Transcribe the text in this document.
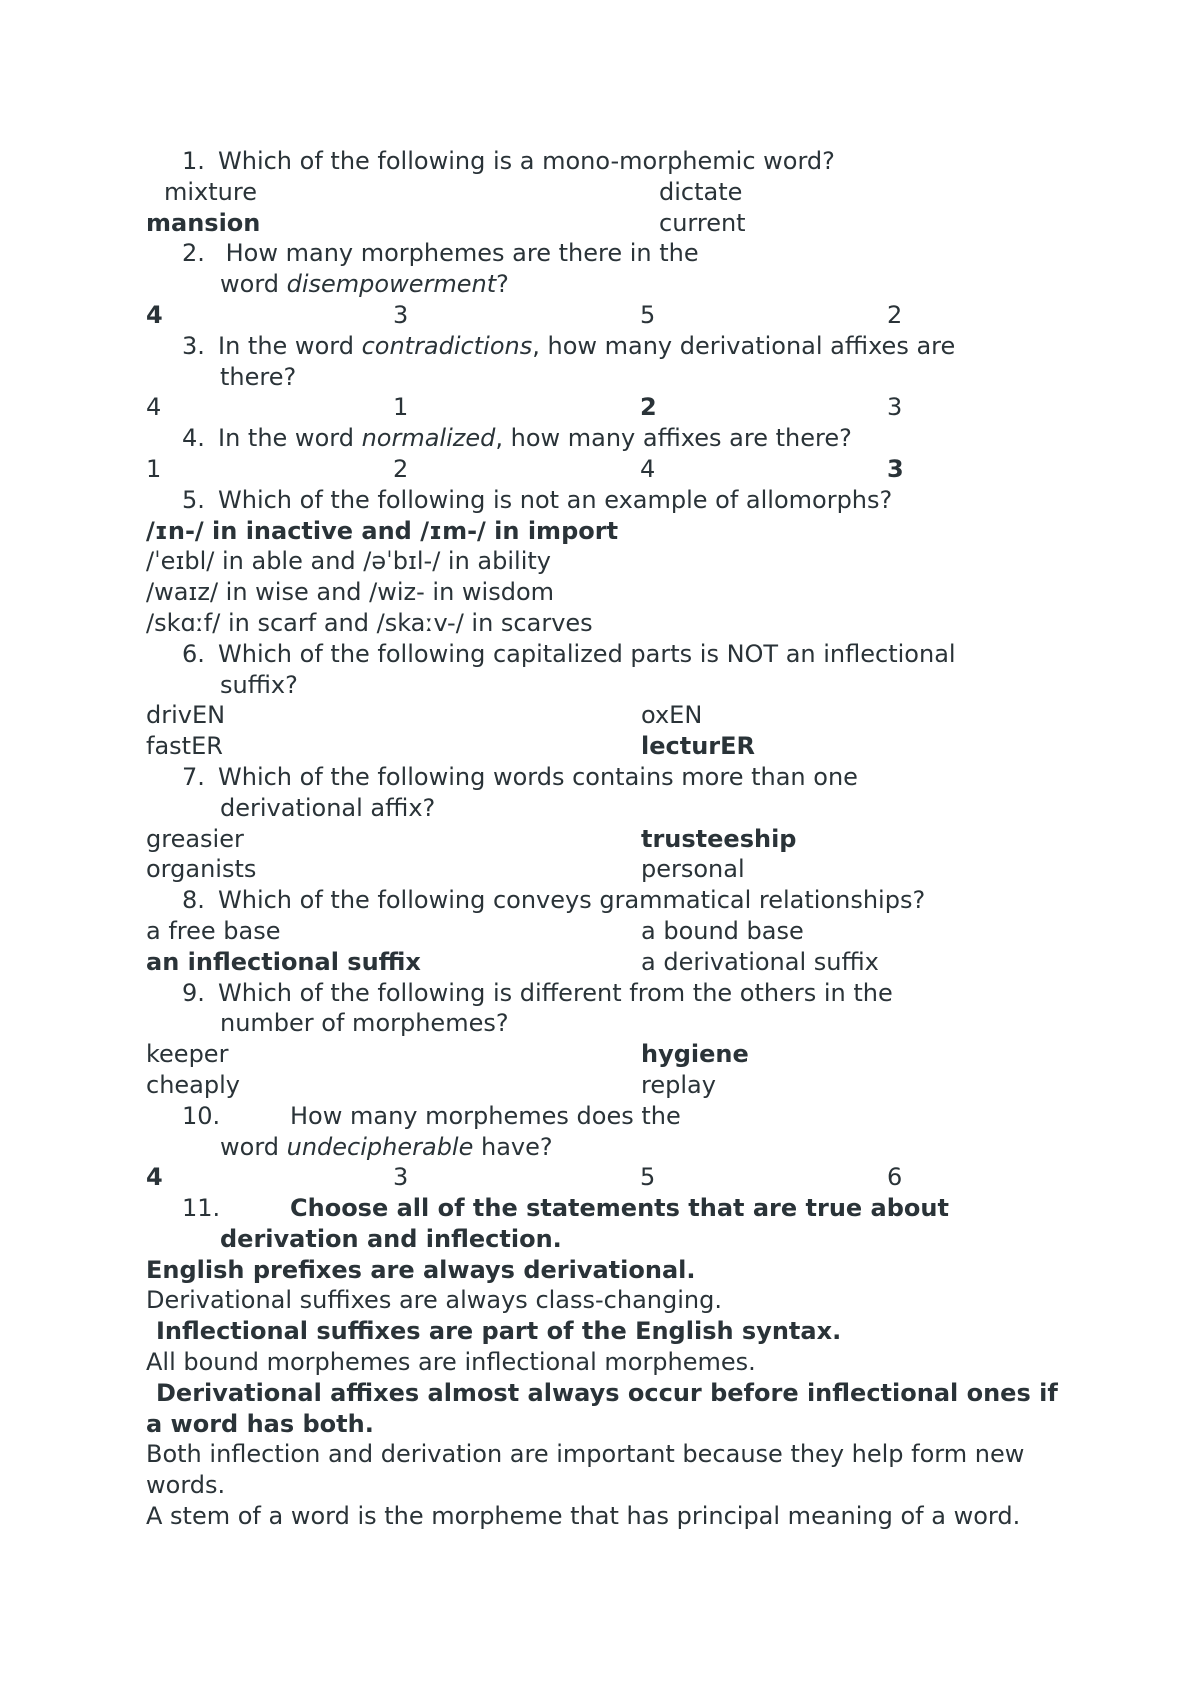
1. Which of the following is a mono-morphemic word?
mixture	dictate
mansion	current
2. How many morphemes are there in the
word disempowerment?
4	3	5	2
3. In the word contradictions, how many derivational affixes are
there?
4	1	2	3
4. In the word normalized, how many affixes are there?
1	2	4	3
5. Which of the following is not an example of allomorphs?
/ɪn-/ in inactive and /ɪm-/ in import
/ˈeɪbl/ in able and /əˈbɪl-/ in ability
/waɪz/ in wise and /wiz- in wisdom
/skɑːf/ in scarf and /skaːv-/ in scarves
6. Which of the following capitalized parts is NOT an inflectional
suffix?
drivEN	oxEN
fastER	lecturER
7. Which of the following words contains more than one
derivational affix?
greasier	trusteeship
organists	personal
8. Which of the following conveys grammatical relationships?
a free base	a bound base
an inflectional suffix	a derivational suffix
9. Which of the following is different from the others in the
number of morphemes?
keeper	hygiene
cheaply	replay
10.	How many morphemes does the
word undecipherable have?
4	3	5	6
11.	Choose all of the statements that are true about
derivation and inflection.
English prefixes are always derivational.
Derivational suffixes are always class-changing.
Inflectional suffixes are part of the English syntax.
All bound morphemes are inflectional morphemes.
Derivational affixes almost always occur before inflectional ones if a word has both.
Both inflection and derivation are important because they help form new words.
A stem of a word is the morpheme that has principal meaning of a word.
